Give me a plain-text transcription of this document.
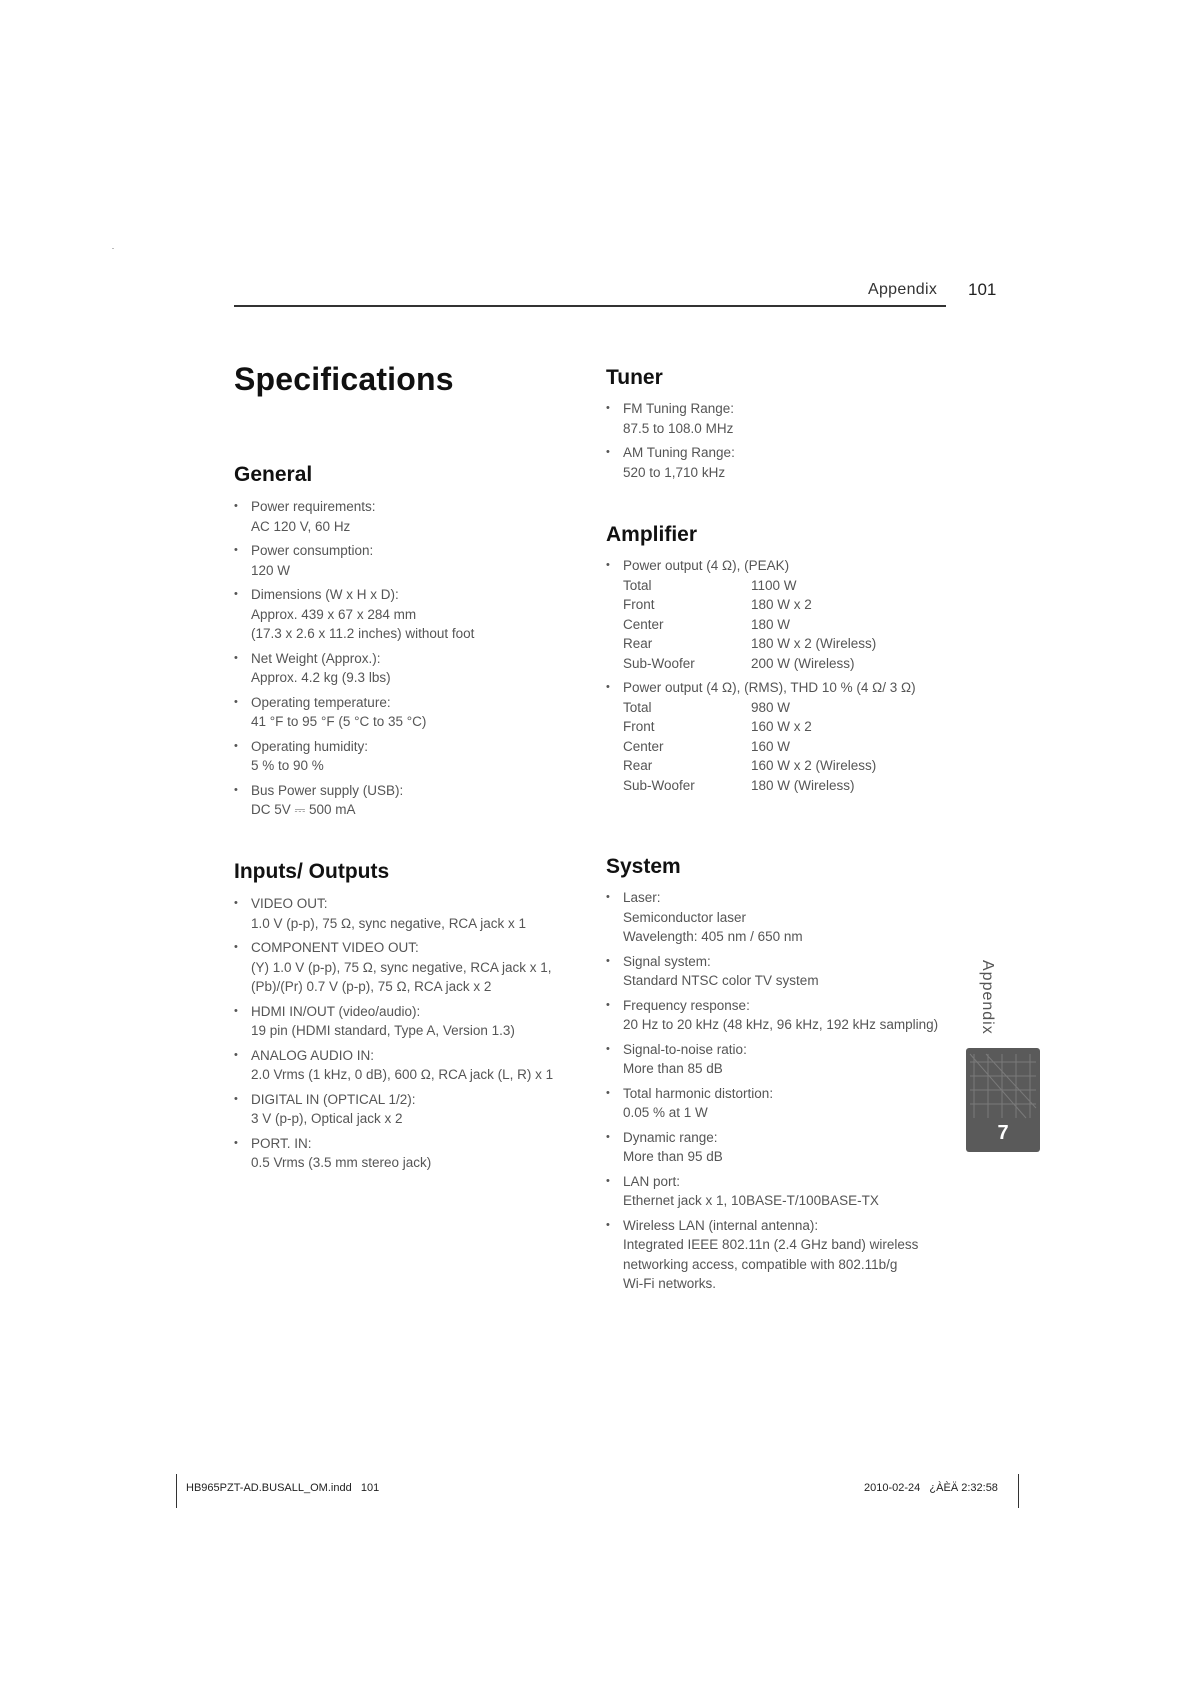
Appendix 101
Specifications
General
• Power requirements:
AC 120 V, 60 Hz
• Power consumption:
120 W
• Dimensions (W x H x D):
Approx. 439 x 67 x 284 mm
(17.3 x 2.6 x 11.2 inches) without foot
• Net Weight (Approx.):
Approx. 4.2 kg (9.3 lbs)
• Operating temperature:
41 °F to 95 °F (5 °C to 35 °C)
• Operating humidity:
5 % to 90 %
• Bus Power supply (USB):
DC 5V ⎓ 500 mA
Inputs/ Outputs
• VIDEO OUT:
1.0 V (p-p), 75 Ω, sync negative, RCA jack x 1
• COMPONENT VIDEO OUT:
(Y) 1.0 V (p-p), 75 Ω, sync negative, RCA jack x 1,
(Pb)/(Pr) 0.7 V (p-p), 75 Ω, RCA jack x 2
• HDMI IN/OUT (video/audio):
19 pin (HDMI standard, Type A, Version 1.3)
• ANALOG AUDIO IN:
2.0 Vrms (1 kHz, 0 dB), 600 Ω, RCA jack (L, R) x 1
• DIGITAL IN (OPTICAL 1/2):
3 V (p-p), Optical jack x 2
• PORT. IN:
0.5 Vrms (3.5 mm stereo jack)
Tuner
• FM Tuning Range:
87.5 to 108.0 MHz
• AM Tuning Range:
520 to 1,710 kHz
Amplifier
• Power output (4 Ω), (PEAK)
Total	1100 W
Front	180 W x 2
Center	180 W
Rear	180 W x 2 (Wireless)
Sub-Woofer	200 W (Wireless)
• Power output (4 Ω), (RMS), THD 10 % (4 Ω/ 3 Ω)
Total	980 W
Front	160 W x 2
Center	160 W
Rear	160 W x 2 (Wireless)
Sub-Woofer	180 W (Wireless)
System
• Laser:
Semiconductor laser
Wavelength: 405 nm / 650 nm
• Signal system:
Standard NTSC color TV system
• Frequency response:
20 Hz to 20 kHz (48 kHz, 96 kHz, 192 kHz sampling)
• Signal-to-noise ratio:
More than 85 dB
• Total harmonic distortion:
0.05 % at 1 W
• Dynamic range:
More than 95 dB
• LAN port:
Ethernet jack x 1, 10BASE-T/100BASE-TX
• Wireless LAN (internal antenna):
Integrated IEEE 802.11n (2.4 GHz band) wireless
networking access, compatible with 802.11b/g
Wi-Fi networks.
Appendix
7
HB965PZT-AD.BUSALL_OM.indd   101	2010-02-24   ¿ÀÈÄ 2:32:58
